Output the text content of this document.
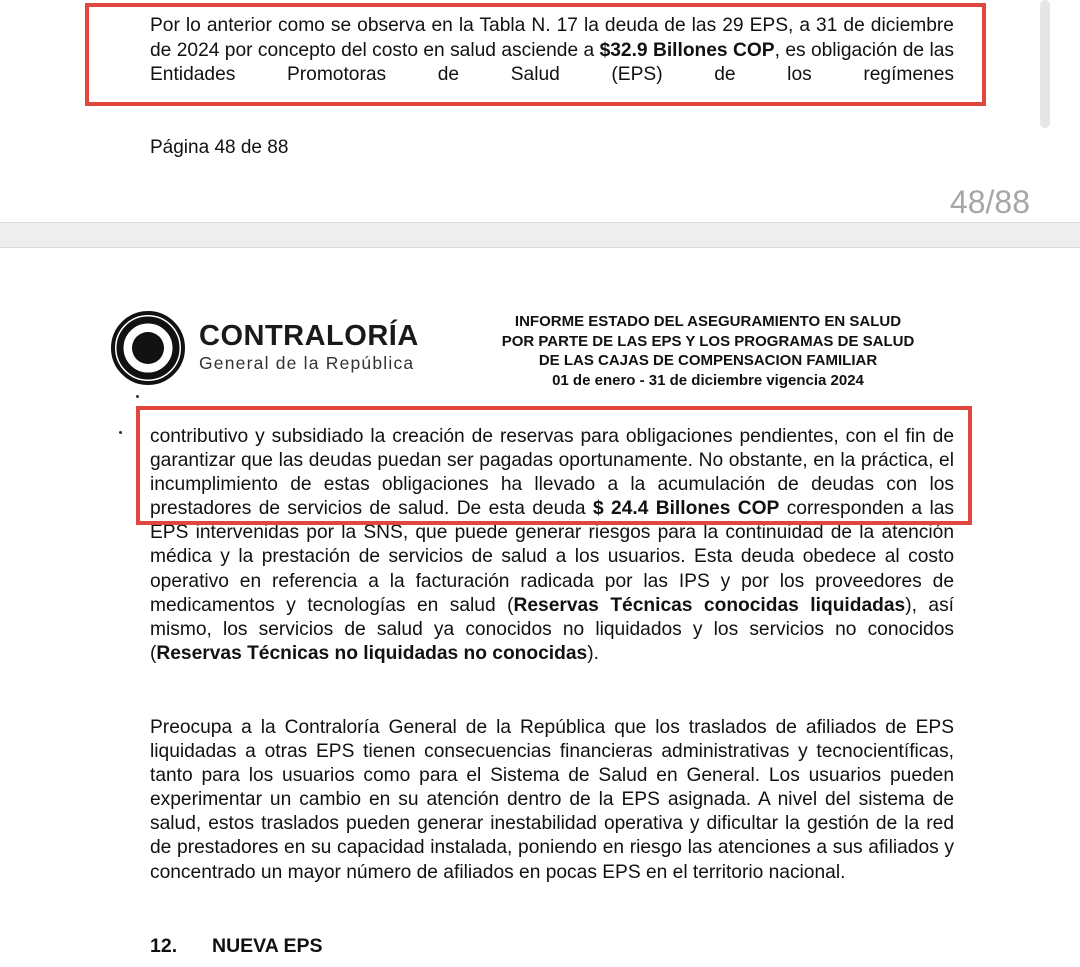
Por lo anterior como se observa en la Tabla N. 17 la deuda de las 29 EPS, a 31 de diciembre de 2024 por concepto del costo en salud asciende a $32.9 Billones COP, es obligación de las Entidades Promotoras de Salud (EPS) de los regímenes

Página 48 de 88
48/88
CONTRALORÍA
General de la República
INFORME ESTADO DEL ASEGURAMIENTO EN SALUD
POR PARTE DE LAS EPS Y LOS PROGRAMAS DE SALUD
DE LAS CAJAS DE COMPENSACION FAMILIAR
01 de enero - 31 de diciembre vigencia 2024

contributivo y subsidiado la creación de reservas para obligaciones pendientes, con el fin de garantizar que las deudas puedan ser pagadas oportunamente. No obstante, en la práctica, el incumplimiento de estas obligaciones ha llevado a la acumulación de deudas con los prestadores de servicios de salud. De esta deuda $ 24.4 Billones COP corresponden a las EPS intervenidas por la SNS, que puede generar riesgos para la continuidad de la atención médica y la prestación de servicios de salud a los usuarios. Esta deuda obedece al costo operativo en referencia a la facturación radicada por las IPS y por los proveedores de medicamentos y tecnologías en salud (Reservas Técnicas conocidas liquidadas), así mismo, los servicios de salud ya conocidos no liquidados y los servicios no conocidos (Reservas Técnicas no liquidadas no conocidas).

Preocupa a la Contraloría General de la República que los traslados de afiliados de EPS liquidadas a otras EPS tienen consecuencias financieras administrativas y tecnocientíficas, tanto para los usuarios como para el Sistema de Salud en General. Los usuarios pueden experimentar un cambio en su atención dentro de la EPS asignada. A nivel del sistema de salud, estos traslados pueden generar inestabilidad operativa y dificultar la gestión de la red de prestadores en su capacidad instalada, poniendo en riesgo las atenciones a sus afiliados y concentrado un mayor número de afiliados en pocas EPS en el territorio nacional.

12. NUEVA EPS
